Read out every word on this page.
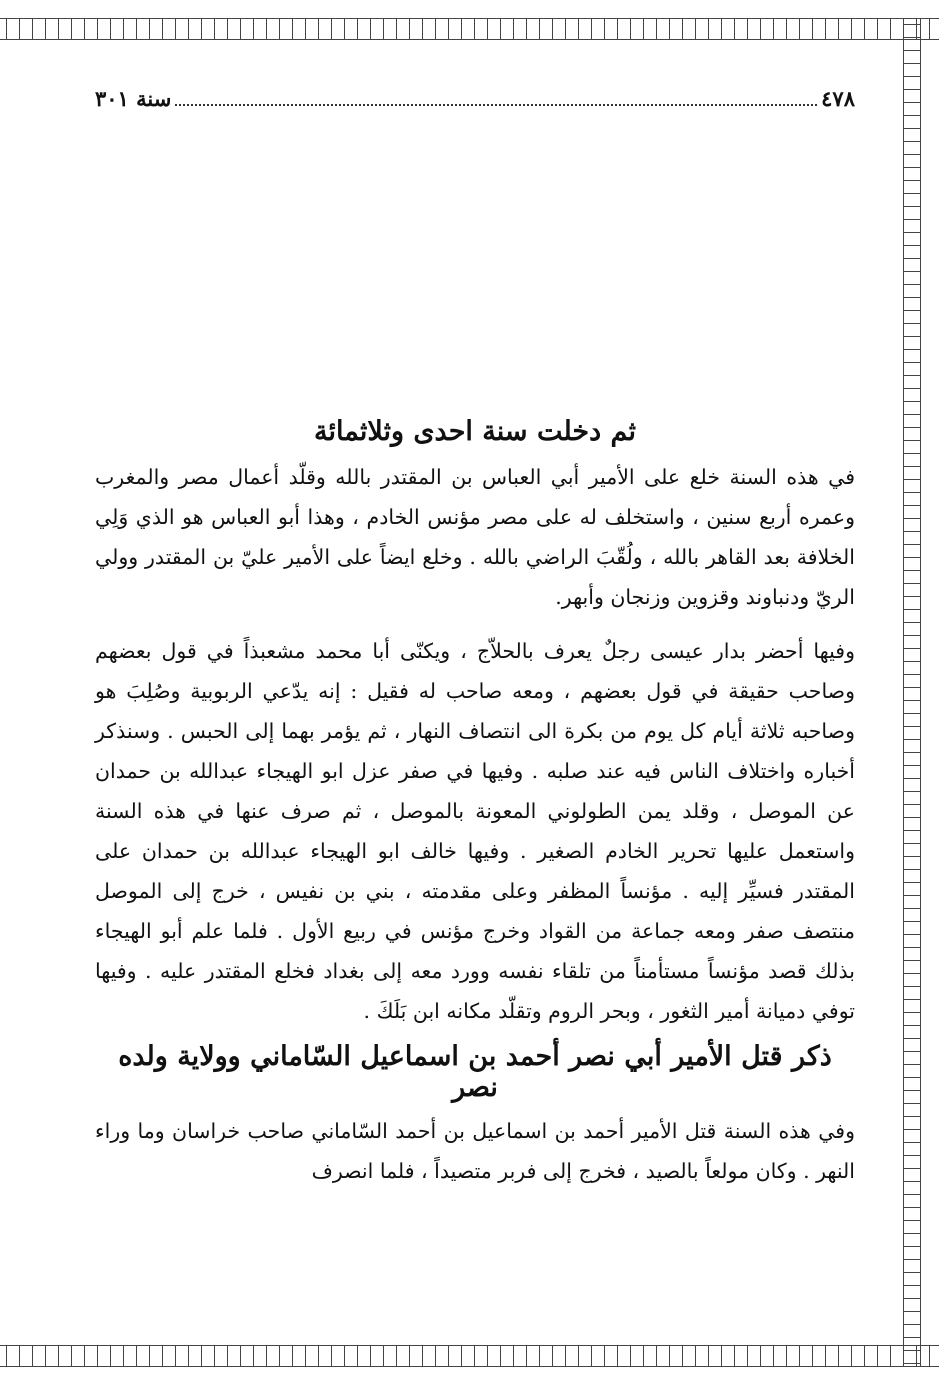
٤٧٨
سنة ٣٠١
ثم دخلت سنة احدى وثلاثمائة

في هذه السنة خلع على الأمير أبي العباس بن المقتدر بالله وقلّد أعمال مصر والمغرب وعمره أربع سنين ، واستخلف له على مصر مؤنس الخادم ، وهذا أبو العباس هو الذي وَلِي الخلافة بعد القاهر بالله ، ولُقّبَ الراضي بالله . وخلع ايضاً على الأمير عليّ بن المقتدر وولي الريّ ودنباوند وقزوين وزنجان وأبهر.

وفيها أحضر بدار عيسى رجلٌ يعرف بالحلاّج ، ويكنّى أبا محمد مشعبذاً في قول بعضهم وصاحب حقيقة في قول بعضهم ، ومعه صاحب له فقيل : إنه يدّعي الربوبية وصُلِبَ هو وصاحبه ثلاثة أيام كل يوم من بكرة الى انتصاف النهار ، ثم يؤمر بهما إلى الحبس . وسنذكر أخباره واختلاف الناس فيه عند صلبه . وفيها في صفر عزل ابو الهيجاء عبدالله بن حمدان عن الموصل ، وقلد يمن الطولوني المعونة بالموصل ، ثم صرف عنها في هذه السنة واستعمل عليها تحرير الخادم الصغير . وفيها خالف ابو الهيجاء عبدالله بن حمدان على المقتدر فسيِّر إليه . مؤنساً المظفر وعلى مقدمته ، بني بن نفيس ، خرج إلى الموصل منتصف صفر ومعه جماعة من القواد وخرج مؤنس في ربيع الأول . فلما علم أبو الهيجاء بذلك قصد مؤنساً مستأمناً من تلقاء نفسه وورد معه إلى بغداد فخلع المقتدر عليه . وفيها توفي دميانة أمير الثغور ، وبحر الروم وتقلّد مكانه ابن بَلَكَ .

ذكر قتل الأمير أبي نصر أحمد بن اسماعيل السّاماني وولاية ولده نصر

وفي هذه السنة قتل الأمير أحمد بن اسماعيل بن أحمد السّاماني صاحب خراسان وما وراء النهر . وكان مولعاً بالصيد ، فخرج إلى فربر متصيداً ، فلما انصرف
